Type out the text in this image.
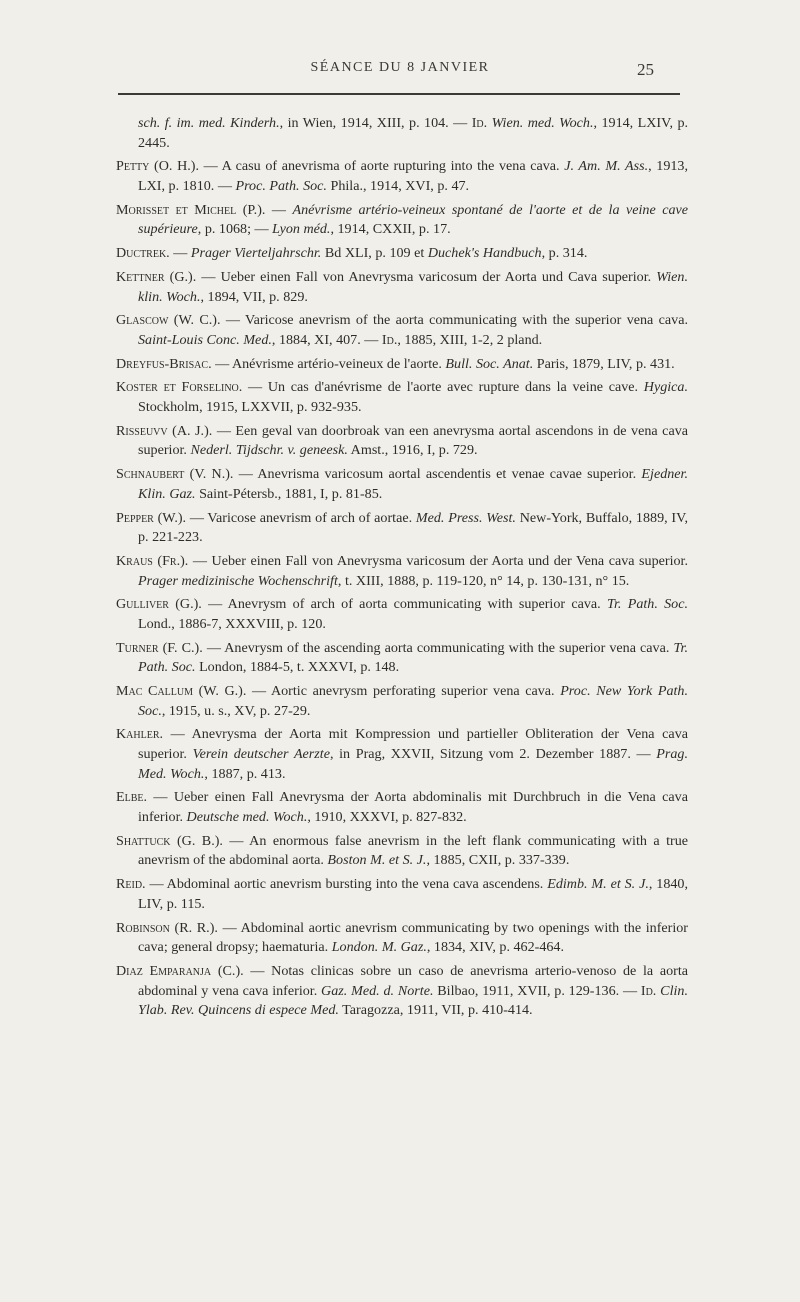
SÉANCE DU 8 JANVIER	25

sch. f. im. med. Kinderh., in Wien, 1914, XIII, p. 104. — Id. Wien. med. Woch., 1914, LXIV, p. 2445.

Petty (O. H.). — A casu of anevrisma of aorte rupturing into the vena cava. J. Am. M. Ass., 1913, LXI, p. 1810. — Proc. Path. Soc. Phila., 1914, XVI, p. 47.

Morisset et Michel (P.). — Anévrisme artério-veineux spontané de l'aorte et de la veine cave supérieure, p. 1068; — Lyon méd., 1914, CXXII, p. 17.

Ductrek. — Prager Vierteljahrschr. Bd XLI, p. 109 et Duchek's Handbuch, p. 314.

Kettner (G.). — Ueber einen Fall von Anevrysma varicosum der Aorta und Cava superior. Wien. klin. Woch., 1894, VII, p. 829.

Glascow (W. C.). — Varicose anevrism of the aorta communicating with the superior vena cava. Saint-Louis Conc. Med., 1884, XI, 407. — Id., 1885, XIII, 1-2, 2 pland.

Dreyfus-Brisac. — Anévrisme artério-veineux de l'aorte. Bull. Soc. Anat. Paris, 1879, LIV, p. 431.

Koster et Forselino. — Un cas d'anévrisme de l'aorte avec rupture dans la veine cave. Hygica. Stockholm, 1915, LXXVII, p. 932-935.

Risseuvv (A. J.). — Een geval van doorbroak van een anevrysma aortal ascendons in de vena cava superior. Nederl. Tijdschr. v. geneesk. Amst., 1916, I, p. 729.

Schnaubert (V. N.). — Anevrisma varicosum aortal ascendentis et venae cavae superior. Ejedner. Klin. Gaz. Saint-Pétersb., 1881, I, p. 81-85.

Pepper (W.). — Varicose anevrism of arch of aortae. Med. Press. West. New-York, Buffalo, 1889, IV, p. 221-223.

Kraus (Fr.). — Ueber einen Fall von Anevrysma varicosum der Aorta und der Vena cava superior. Prager medizinische Wochenschrift, t. XIII, 1888, p. 119-120, n° 14, p. 130-131, n° 15.

Gulliver (G.). — Anevrysm of arch of aorta communicating with superior cava. Tr. Path. Soc. Lond., 1886-7, XXXVIII, p. 120.

Turner (F. C.). — Anevrysm of the ascending aorta communicating with the superior vena cava. Tr. Path. Soc. London, 1884-5, t. XXXVI, p. 148.

Mac Callum (W. G.). — Aortic anevrysm perforating superior vena cava. Proc. New York Path. Soc., 1915, u. s., XV, p. 27-29.

Kahler. — Anevrysma der Aorta mit Kompression und partieller Obliteration der Vena cava superior. Verein deutscher Aerzte, in Prag, XXVII, Sitzung vom 2. Dezember 1887. — Prag. Med. Woch., 1887, p. 413.

Elbe. — Ueber einen Fall Anevrysma der Aorta abdominalis mit Durchbruch in die Vena cava inferior. Deutsche med. Woch., 1910, XXXVI, p. 827-832.

Shattuck (G. B.). — An enormous false anevrism in the left flank communicating with a true anevrism of the abdominal aorta. Boston M. et S. J., 1885, CXII, p. 337-339.

Reid. — Abdominal aortic anevrism bursting into the vena cava ascendens. Edimb. M. et S. J., 1840, LIV, p. 115.

Robinson (R. R.). — Abdominal aortic anevrism communicating by two openings with the inferior cava; general dropsy; haematuria. London. M. Gaz., 1834, XIV, p. 462-464.

Diaz Emparanja (C.). — Notas clinicas sobre un caso de anevrisma arterio-venoso de la aorta abdominal y vena cava inferior. Gaz. Med. d. Norte. Bilbao, 1911, XVII, p. 129-136. — Id. Clin. Ylab. Rev. Quincens di espece Med. Taragozza, 1911, VII, p. 410-414.
